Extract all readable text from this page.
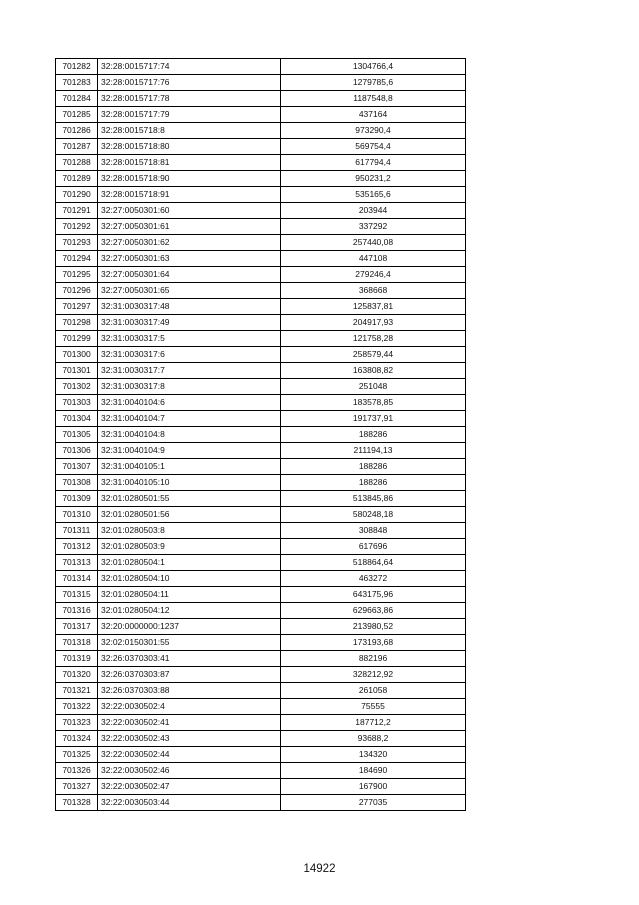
701282	32:28:0015717:74	1304766,4
701283	32:28:0015717:76	1279785,6
701284	32:28:0015717:78	1187548,8
701285	32:28:0015717:79	437164
701286	32:28:0015718:8	973290,4
701287	32:28:0015718:80	569754,4
701288	32:28:0015718:81	617794,4
701289	32:28:0015718:90	950231,2
701290	32:28:0015718:91	535165,6
701291	32:27:0050301:60	203944
701292	32:27:0050301:61	337292
701293	32:27:0050301:62	257440,08
701294	32:27:0050301:63	447108
701295	32:27:0050301:64	279246,4
701296	32:27:0050301:65	368668
701297	32:31:0030317:48	125837,81
701298	32:31:0030317:49	204917,93
701299	32:31:0030317:5	121758,28
701300	32:31:0030317:6	258579,44
701301	32:31:0030317:7	163808,82
701302	32:31:0030317:8	251048
701303	32:31:0040104:6	183578,85
701304	32:31:0040104:7	191737,91
701305	32:31:0040104:8	188286
701306	32:31:0040104:9	211194,13
701307	32:31:0040105:1	188286
701308	32:31:0040105:10	188286
701309	32:01:0280501:55	513845,86
701310	32:01:0280501:56	580248,18
701311	32:01:0280503:8	308848
701312	32:01:0280503:9	617696
701313	32:01:0280504:1	518864,64
701314	32:01:0280504:10	463272
701315	32:01:0280504:11	643175,96
701316	32:01:0280504:12	629663,86
701317	32:20:0000000:1237	213980,52
701318	32:02:0150301:55	173193,68
701319	32:26:0370303:41	882196
701320	32:26:0370303:87	328212,92
701321	32:26:0370303:88	261058
701322	32:22:0030502:4	75555
701323	32:22:0030502:41	187712,2
701324	32:22:0030502:43	93688,2
701325	32:22:0030502:44	134320
701326	32:22:0030502:46	184690
701327	32:22:0030502:47	167900
701328	32:22:0030503:44	277035
14922
